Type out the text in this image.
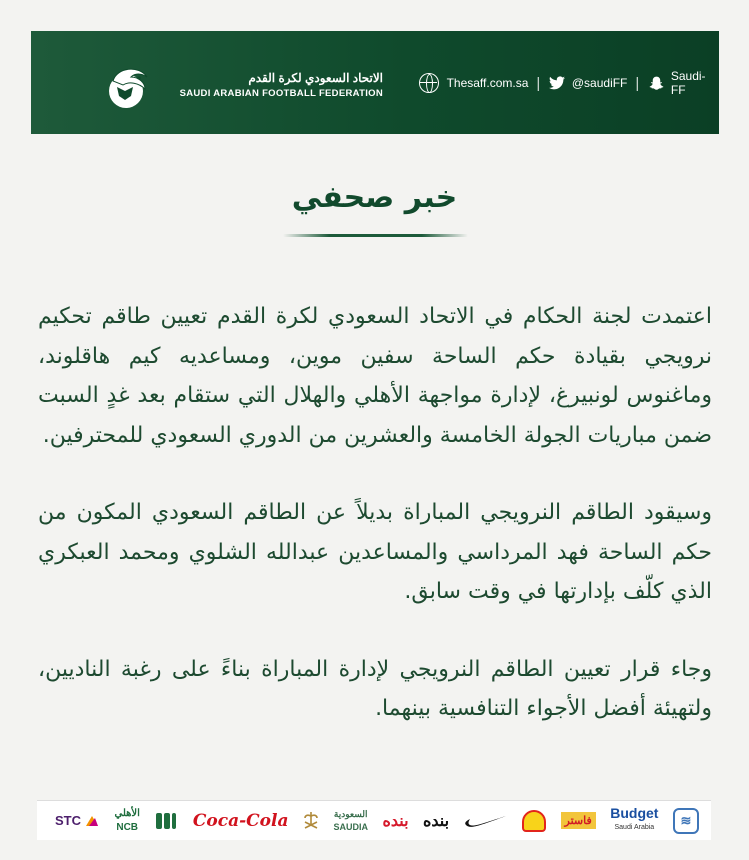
Thesaff.com.sa |	@saudiFF |	Saudi-FF
الاتحاد السعودي لكرة القدم
SAUDI ARABIAN FOOTBALL FEDERATION
خبر صحفي

اعتمدت لجنة الحكام في الاتحاد السعودي لكرة القدم تعيين طاقم تحكيم نرويجي بقيادة حكم الساحة سفين موين، ومساعديه كيم هاقلوند، وماغنوس لونبيرغ، لإدارة مواجهة الأهلي والهلال التي ستقام بعد غدٍ السبت ضمن مباريات الجولة الخامسة والعشرين من الدوري السعودي للمحترفين.

وسيقود الطاقم النرويجي المباراة بديلاً عن الطاقم السعودي المكون من حكم الساحة فهد المرداسي والمساعدين عبدالله الشلوي ومحمد العبكري الذي كلّف بإدارتها في وقت سابق.

وجاء قرار تعيين الطاقم النرويجي لإدارة المباراة بناءً على رغبة الناديين، ولتهيئة أفضل الأجواء التنافسية بينهما.

STC	الأهلي
NCB	Coca-Cola	السعودية
SAUDIA بنده بنده	فاستر Budget
Saudi Arabia	≋
